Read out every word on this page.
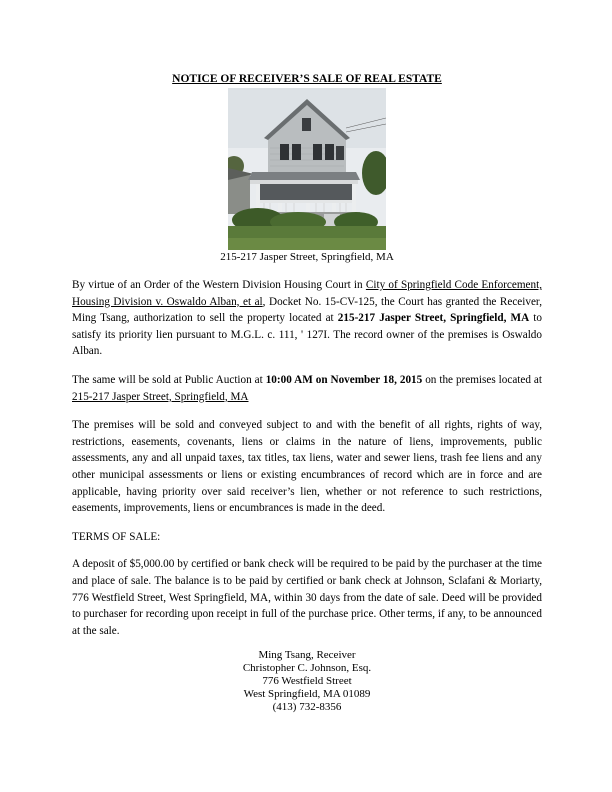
NOTICE OF RECEIVER’S SALE OF REAL ESTATE
215-217 Jasper Street, Springfield, MA

By virtue of an Order of the Western Division Housing Court in City of Springfield Code Enforcement, Housing Division v. Oswaldo Alban, et al, Docket No. 15-CV-125, the Court has granted the Receiver, Ming Tsang, authorization to sell the property located at 215-217 Jasper Street, Springfield, MA to satisfy its priority lien pursuant to M.G.L. c. 111, ' 127I. The record owner of the premises is Oswaldo Alban.

The same will be sold at Public Auction at 10:00 AM on November 18, 2015 on the premises located at 215-217 Jasper Street, Springfield, MA

The premises will be sold and conveyed subject to and with the benefit of all rights, rights of way, restrictions, easements, covenants, liens or claims in the nature of liens, improvements, public assessments, any and all unpaid taxes, tax titles, tax liens, water and sewer liens, trash fee liens and any other municipal assessments or liens or existing encumbrances of record which are in force and are applicable, having priority over said receiver’s lien, whether or not reference to such restrictions, easements, improvements, liens or encumbrances is made in the deed.

TERMS OF SALE:

A deposit of $5,000.00 by certified or bank check will be required to be paid by the purchaser at the time and place of sale. The balance is to be paid by certified or bank check at Johnson, Sclafani & Moriarty, 776 Westfield Street, West Springfield, MA, within 30 days from the date of sale. Deed will be provided to purchaser for recording upon receipt in full of the purchase price. Other terms, if any, to be announced at the sale.

Ming Tsang, Receiver
Christopher C. Johnson, Esq.
776 Westfield Street
West Springfield, MA 01089
(413) 732-8356
